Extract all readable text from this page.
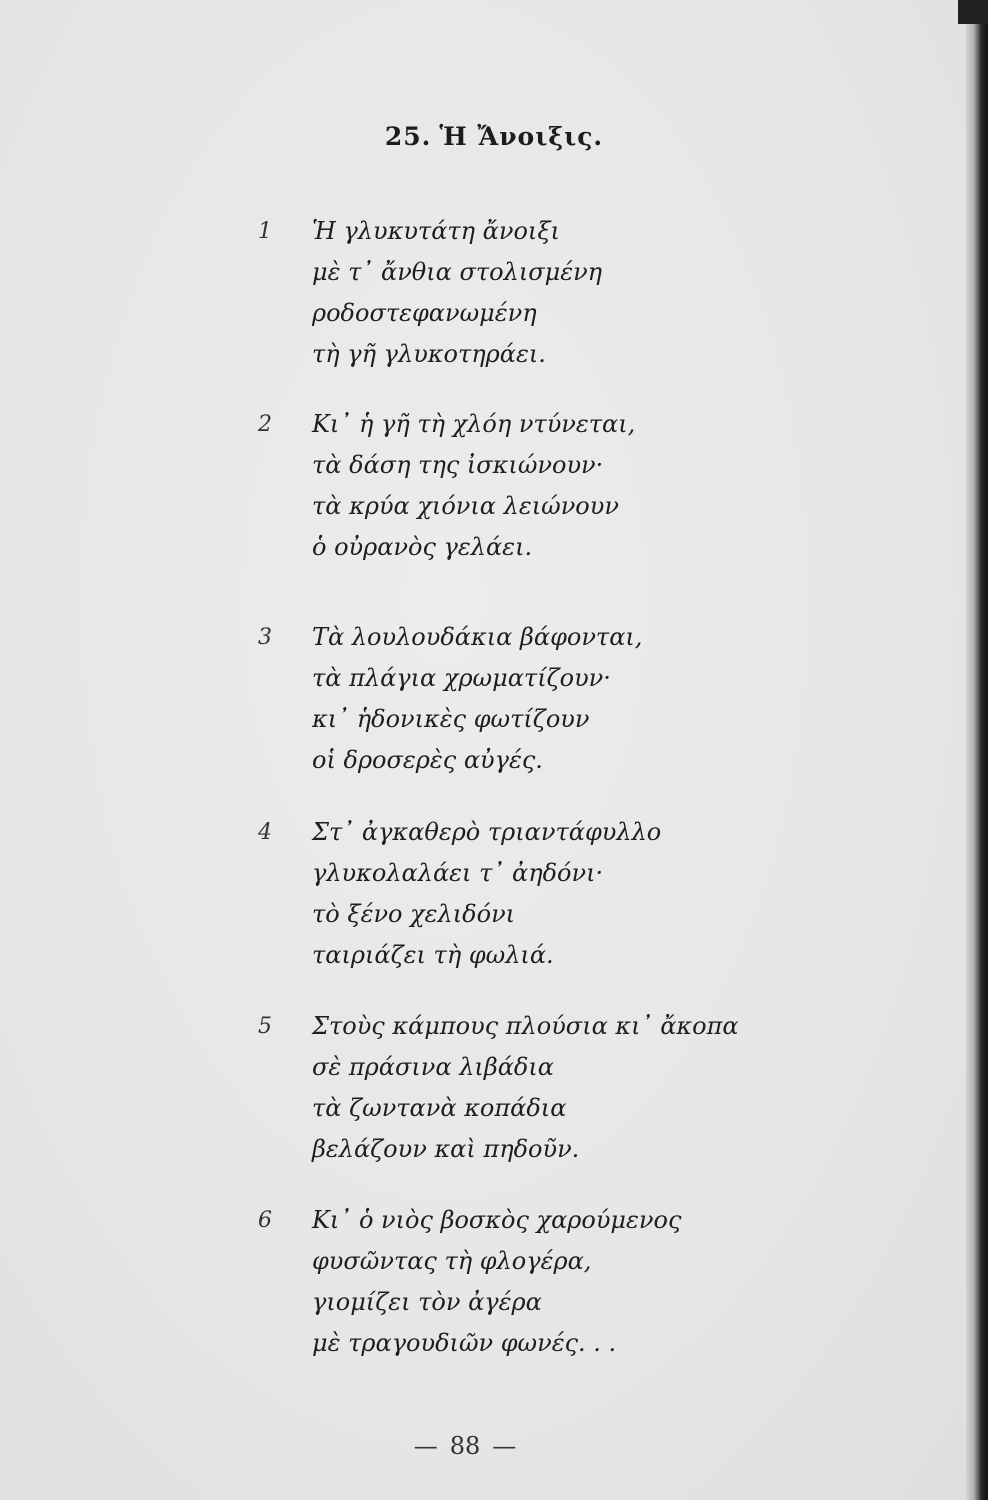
25. Ἡ Ἄνοιξις.
1 Ἡ γλυκυτάτη ἄνοιξι
μὲ τ᾽ ἄνθια στολισμένη
ροδοστεφανωμένη
τὴ γῆ γλυκοτηράει.
2 Κι᾽ ἡ γῆ τὴ χλόη ντύνεται,
τὰ δάση της ἰσκιώνουν·
τὰ κρύα χιόνια λειώνουν
ὁ οὐρανὸς γελάει.
3 Τὰ λουλουδάκια βάφονται,
τὰ πλάγια χρωματίζουν·
κι᾽ ἡδονικὲς φωτίζουν
οἱ δροσερὲς αὐγές.
4 Στ᾽ ἀγκαθερὸ τριαντάφυλλο
γλυκολαλάει τ᾽ ἀηδόνι·
τὸ ξένο χελιδόνι
ταιριάζει τὴ φωλιά.
5 Στοὺς κάμπους πλούσια κι᾽ ἄκοπα
σὲ πράσινα λιβάδια
τὰ ζωντανὰ κοπάδια
βελάζουν καὶ πηδοῦν.
6 Κι᾽ ὁ νιὸς βοσκὸς χαρούμενος
φυσῶντας τὴ φλογέρα,
γιομίζει τὸν ἀγέρα
μὲ τραγουδιῶν φωνές. . .
— 88 —
